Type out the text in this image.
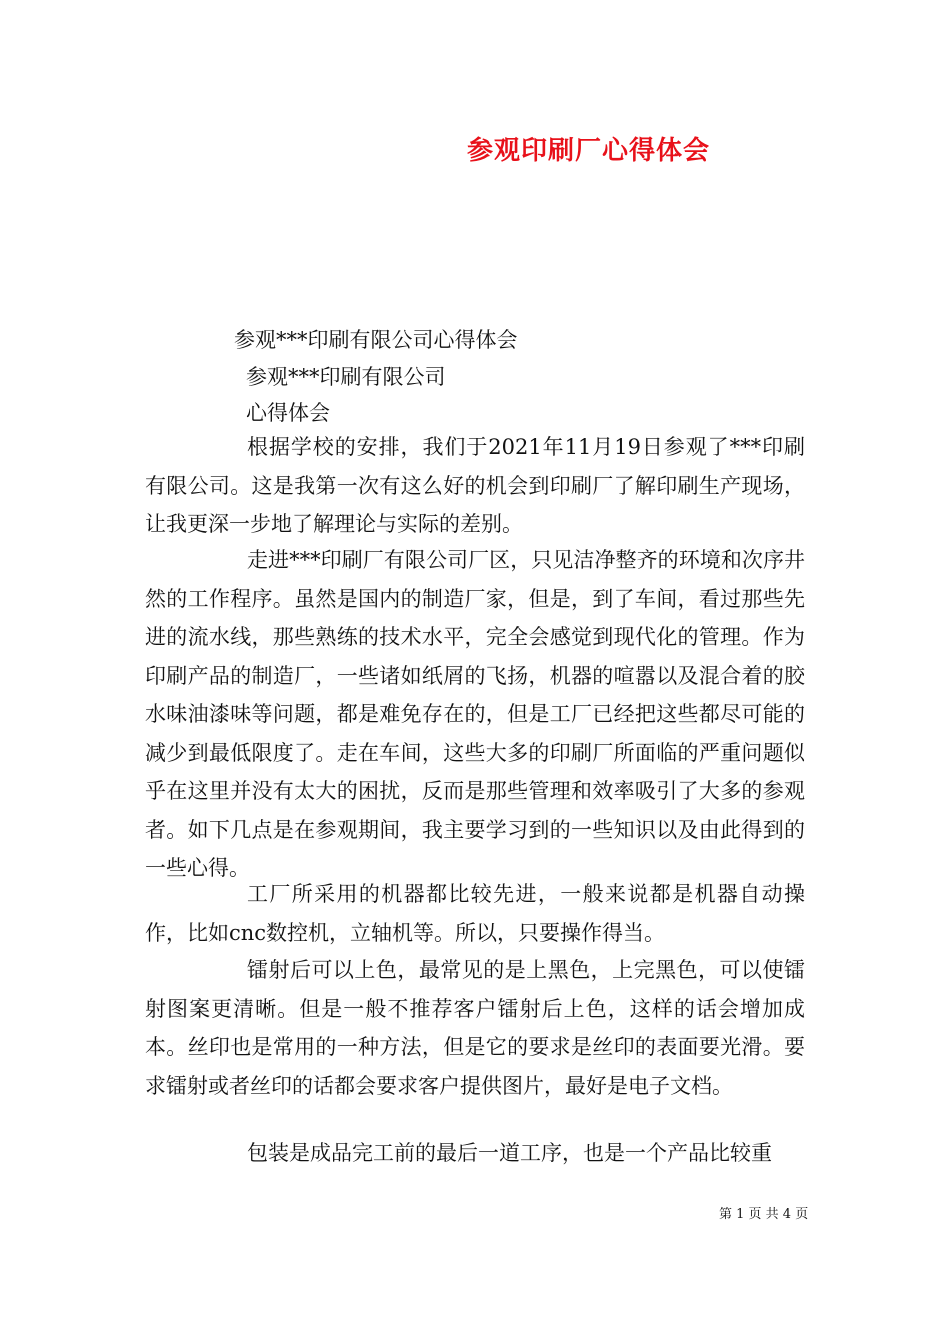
参观印刷厂心得体会
参观***印刷有限公司心得体会
参观***印刷有限公司
心得体会

根据学校的安排，我们于2021年11月19日参观了***印刷有限公司。这是我第一次有这么好的机会到印刷厂了解印刷生产现场，让我更深一步地了解理论与实际的差别。

走进***印刷厂有限公司厂区，只见洁净整齐的环境和次序井然的工作程序。虽然是国内的制造厂家，但是，到了车间，看过那些先进的流水线，那些熟练的技术水平，完全会感觉到现代化的管理。作为印刷产品的制造厂，一些诸如纸屑的飞扬，机器的喧嚣以及混合着的胶水味油漆味等问题，都是难免存在的，但是工厂已经把这些都尽可能的减少到最低限度了。走在车间，这些大多的印刷厂所面临的严重问题似乎在这里并没有太大的困扰，反而是那些管理和效率吸引了大多的参观者。如下几点是在参观期间，我主要学习到的一些知识以及由此得到的一些心得。

工厂所采用的机器都比较先进，一般来说都是机器自动操作，比如cnc数控机，立轴机等。所以，只要操作得当。

镭射后可以上色，最常见的是上黑色，上完黑色，可以使镭射图案更清晰。但是一般不推荐客户镭射后上色，这样的话会增加成本。丝印也是常用的一种方法，但是它的要求是丝印的表面要光滑。要求镭射或者丝印的话都会要求客户提供图片，最好是电子文档。

包装是成品完工前的最后一道工序，也是一个产品比较重

第 1 页 共 4 页
